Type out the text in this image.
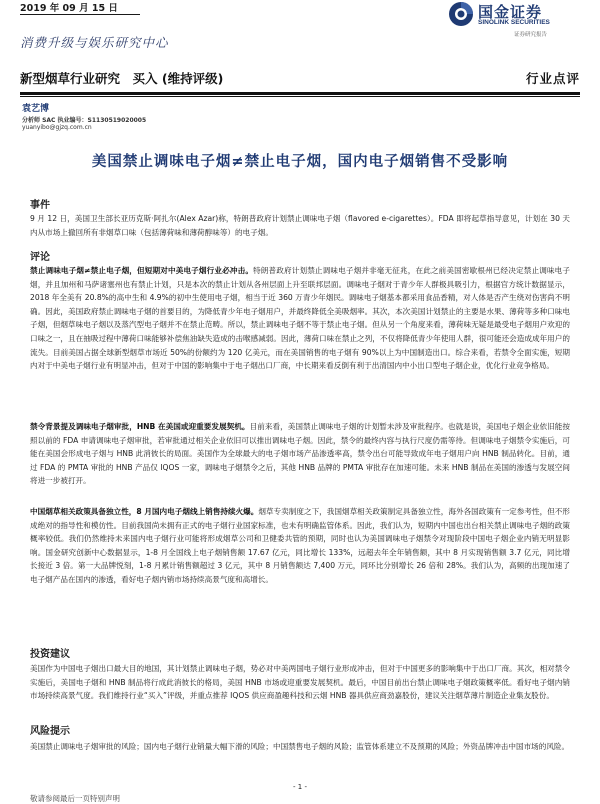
2019 年 09 月 15 日	国金证券
SINOLINK SECURITIES
证券研究报告
消费升级与娱乐研究中心
新型烟草行业研究　买入 (维持评级)	行业点评
袁艺博
分析师 SAC 执业编号：S1130519020005
yuanyibo@gjzq.com.cn
美国禁止调味电子烟≠禁止电子烟，国内电子烟销售不受影响
事件

9 月 12 日，美国卫生部长亚历克斯·阿扎尔(Alex Azar)称，特朗普政府计划禁止调味电子烟（flavored e-cigarettes）。FDA 即将起草指导意见，计划在 30 天内从市场上撤回所有非烟草口味（包括薄荷味和薄荷醇味等）的电子烟。

评论

禁止调味电子烟≠禁止电子烟，但短期对中美电子烟行业必冲击。特朗普政府计划禁止调味电子烟并非毫无征兆，在此之前美国密歇根州已经决定禁止调味电子烟，并且加州和马萨诸塞州也有禁止计划，只是本次的禁止计划从各州层面上升至联邦层面。调味电子烟对于青少年人群极具吸引力，根据官方统计数据显示，2018 年全美有 20.8%的高中生和 4.9%的初中生使用电子烟，相当于近 360 万青少年烟民。调味电子烟基本都采用食品香精，对人体是否产生绕对伤害尚不明确。因此，美国政府禁止调味电子烟的首要目的，为降低青少年电子烟用户，并最终降低全美吸烟率。其次，本次美国计划禁止的主要是水果、薄荷等多种口味电子烟，但烟草味电子烟以及蒸汽型电子烟并不在禁止范畴。所以，禁止调味电子烟不等于禁止电子烟。但从另一个角度来看，薄荷味无疑是最受电子烟用户欢迎的口味之一，且在抽吸过程中薄荷口味能够补偿焦油缺失造成的击喉感减弱。因此，薄荷口味在禁止之列，不仅将降低青少年使用人群，很可能还会造成成年用户的流失。目前美国占据全球新型烟草市场近 50%的份额约为 120 亿美元，而在美国销售的电子烟有 90%以上为中国制造出口。综合来看，若禁令全面实施，短期内对于中美电子烟行业有明显冲击，但对于中国的影响集中于电子烟出口厂商，中长期来看反倒有利于出清国内中小出口型电子烟企业，优化行业竞争格局。

禁令背景提及调味电子烟审批，HNB 在美国或迎重要发展契机。目前来看，美国禁止调味电子烟的计划暂未涉及审批程序。也就是说，美国电子烟企业依旧能按照以前的 FDA 申请调味电子烟审批，若审批通过相关企业依旧可以推出调味电子烟。因此，禁令的最终内容与执行尺度仍需等待。但调味电子烟禁令实施后，可能在美国会形成电子烟与 HNB 此消彼长的局面。美国作为全球最大的电子烟市场产品渗透率高，禁令出台可能导致成年电子烟用户向 HNB 制品转化。目前，通过 FDA 的 PMTA 审批的 HNB 产品仅 IQOS 一家，调味电子烟禁令之后，其他 HNB 品牌的 PMTA 审批存在加速可能。未来 HNB 制品在美国的渗透与发展空间将进一步被打开。

中国烟草相关政策具备独立性，8 月国内电子烟线上销售持续火爆。烟草专卖制度之下，我国烟草相关政策制定具备独立性，海外各国政策有一定参考性，但不形成绝对的指导性和模仿性。目前我国尚未拥有正式的电子烟行业国家标准，也未有明确监管体系。因此，我们认为，短期内中国也出台相关禁止调味电子烟的政策概率较低。我们仍然维持未来国内电子烟行业可能将形成烟草公司和卫健委共管的预期，同时也认为美国调味电子烟禁令对现阶段中国电子烟企业内销无明显影响。国金研究创新中心数据显示，1-8 月全国线上电子烟销售额 17.67 亿元，同比增长 133%，远超去年全年销售额，其中 8 月实现销售额 3.7 亿元，同比增长接近 3 倍。第一大品牌悦刻，1-8 月累计销售额超过 3 亿元，其中 8 月销售额达 7,400 万元，同环比分别增长 26 倍和 28%。我们认为，高频的出现加速了电子烟产品在国内的渗透，看好电子烟内销市场持续高景气度和高增长。

投资建议

美国作为中国电子烟出口最大目的地国，其计划禁止调味电子烟，势必对中美两国电子烟行业形成冲击，但对于中国更多的影响集中于出口厂商。其次，相对禁令实施后，美国电子烟和 HNB 制品将行成此消彼长的格局，美国 HNB 市场或迎重要发展契机。最后，中国目前出台禁止调味电子烟政策概率低。看好电子烟内销市场持续高景气度。我们维持行业“买入”评级，并重点推荐 IQOS 供应商盈趣科技和云烟 HNB 器具供应商劲嘉股份，建议关注烟草薄片制造企业集友股份。

风险提示

美国禁止调味电子烟审批的风险；国内电子烟行业销量大幅下滑的风险；中国禁售电子烟的风险；监管体系建立不及预期的风险；外资品牌冲击中国市场的风险。

- 1 -
敬请参阅最后一页特别声明
